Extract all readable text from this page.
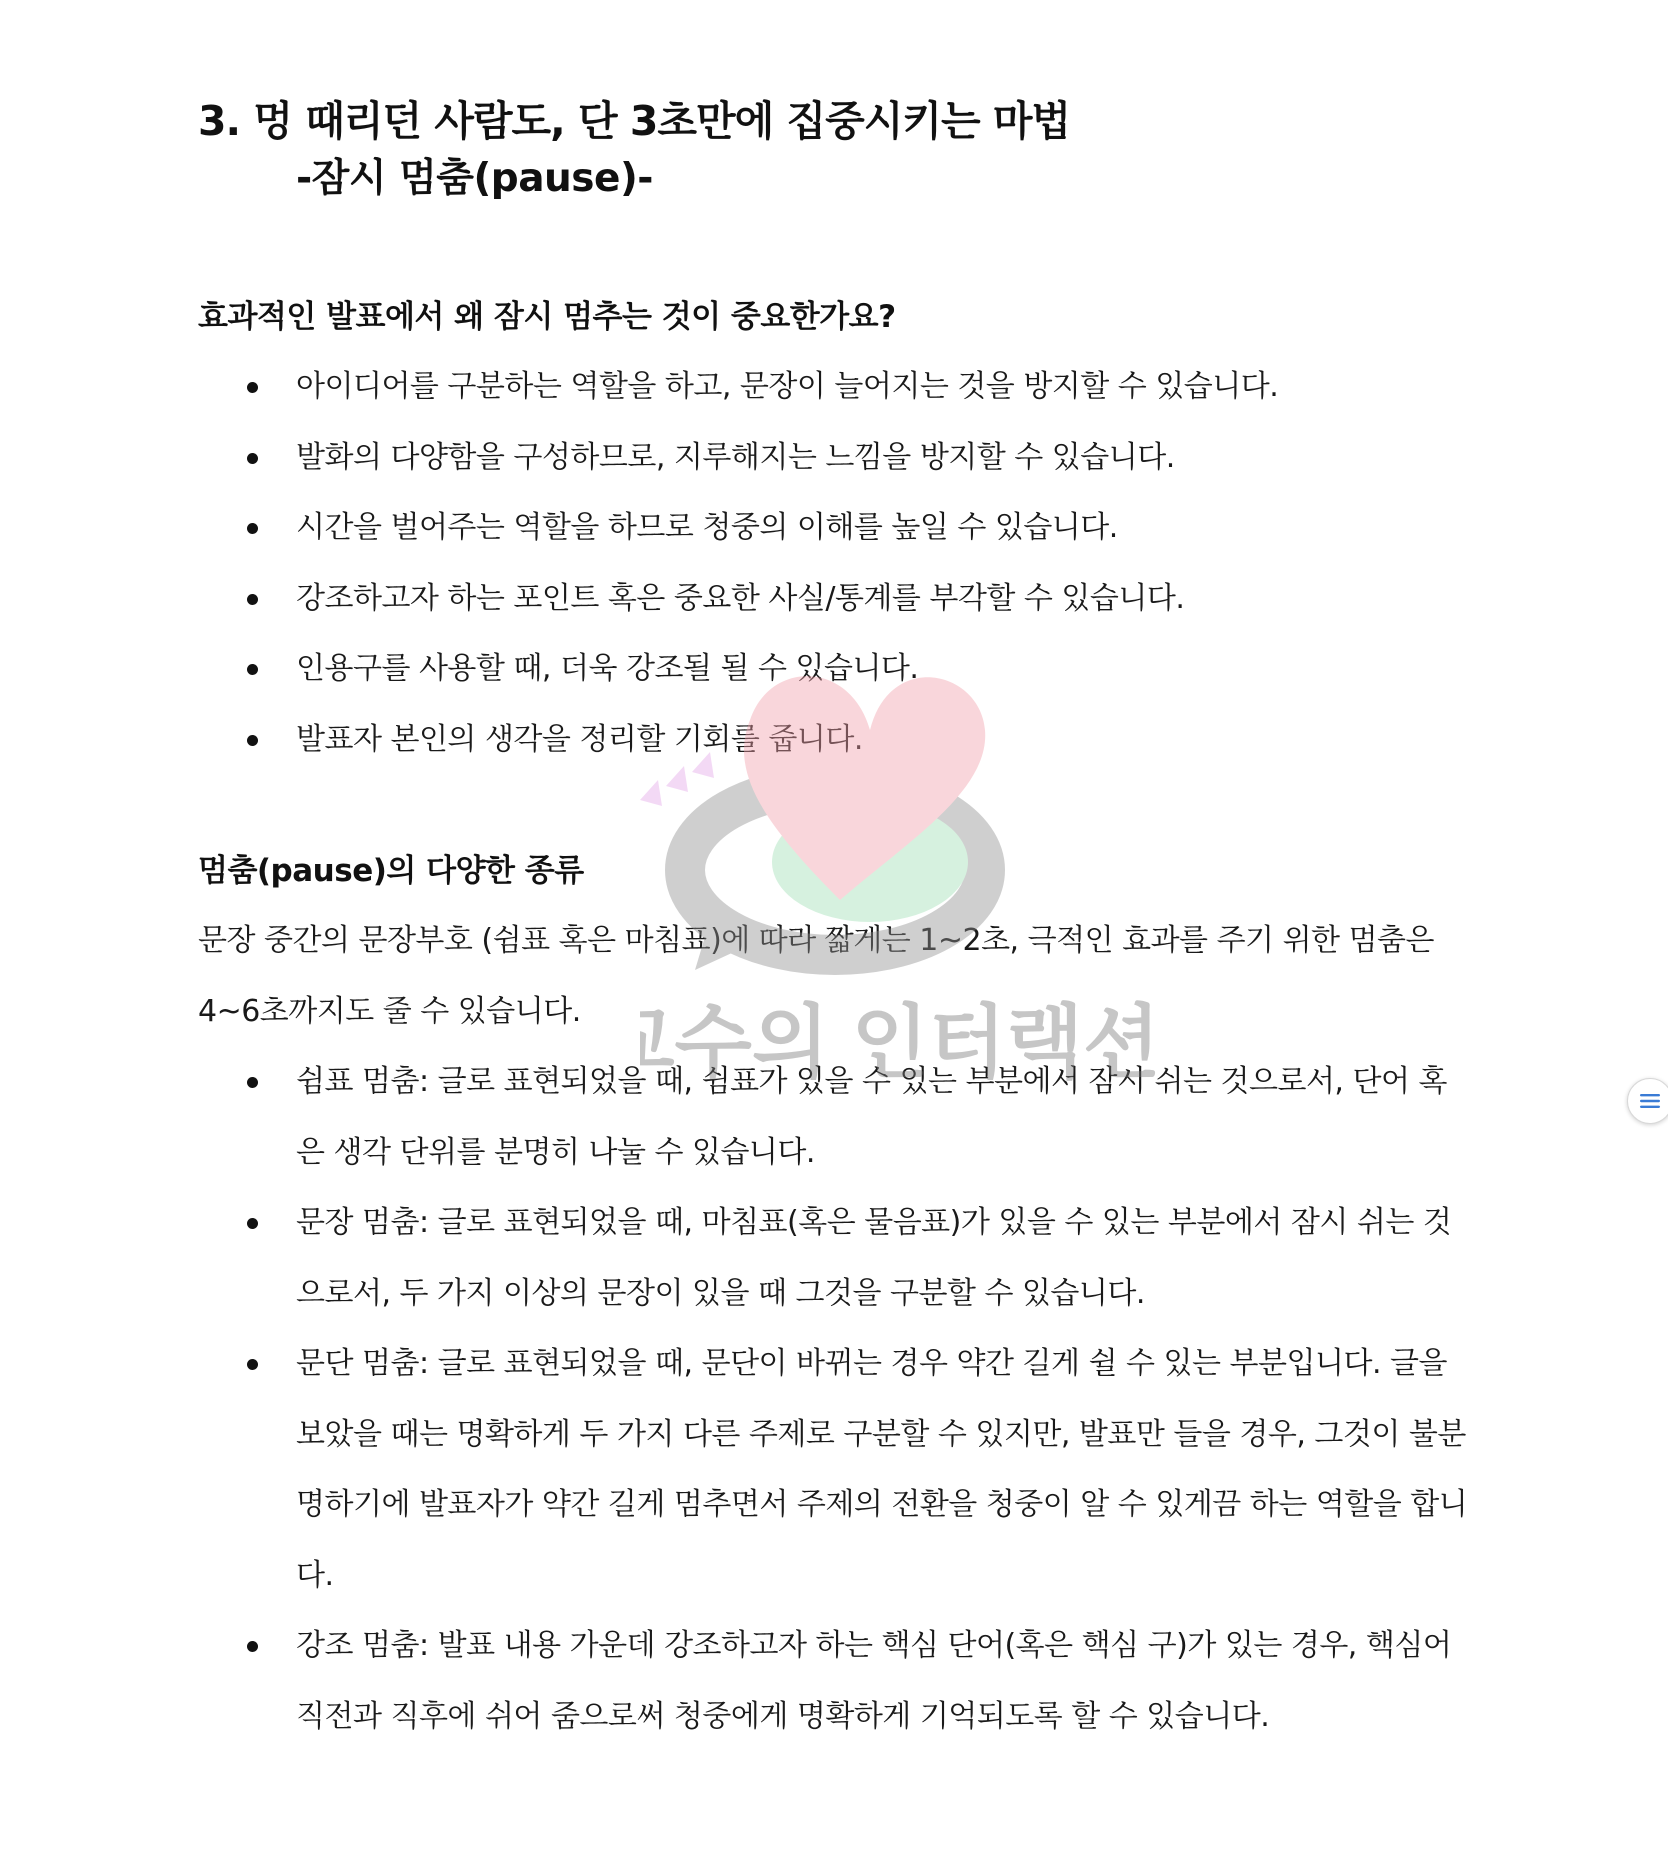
3. 멍 때리던 사람도, 단 3초만에 집중시키는 마법

-잠시 멈춤(pause)-

효과적인 발표에서 왜 잠시 멈추는 것이 중요한가요?

아이디어를 구분하는 역할을 하고, 문장이 늘어지는 것을 방지할 수 있습니다.
발화의 다양함을 구성하므로, 지루해지는 느낌을 방지할 수 있습니다.
시간을 벌어주는 역할을 하므로 청중의 이해를 높일 수 있습니다.
강조하고자 하는 포인트 혹은 중요한 사실/통계를 부각할 수 있습니다.
인용구를 사용할 때, 더욱 강조될 될 수 있습니다.
발표자 본인의 생각을 정리할 기회를 줍니다.

멈춤(pause)의 다양한 종류

문장 중간의 문장부호 (쉼표 혹은 마침표)에 따라 짧게는 1~2초, 극적인 효과를 주기 위한 멈춤은 4~6초까지도 줄 수 있습니다.

쉼표 멈춤: 글로 표현되었을 때, 쉼표가 있을 수 있는 부분에서 잠시 쉬는 것으로서, 단어 혹은 생각 단위를 분명히 나눌 수 있습니다.
문장 멈춤: 글로 표현되었을 때, 마침표(혹은 물음표)가 있을 수 있는 부분에서 잠시 쉬는 것으로서, 두 가지 이상의 문장이 있을 때 그것을 구분할 수 있습니다.
문단 멈춤: 글로 표현되었을 때, 문단이 바뀌는 경우 약간 길게 쉴 수 있는 부분입니다. 글을 보았을 때는 명확하게 두 가지 다른 주제로 구분할 수 있지만, 발표만 들을 경우, 그것이 불분명하기에 발표자가 약간 길게 멈추면서 주제의 전환을 청중이 알 수 있게끔 하는 역할을 합니다.
강조 멈춤: 발표 내용 가운데 강조하고자 하는 핵심 단어(혹은 핵심 구)가 있는 경우, 핵심어 직전과 직후에 쉬어 줌으로써 청중에게 명확하게 기억되도록 할 수 있습니다.
수의 인터랙션
